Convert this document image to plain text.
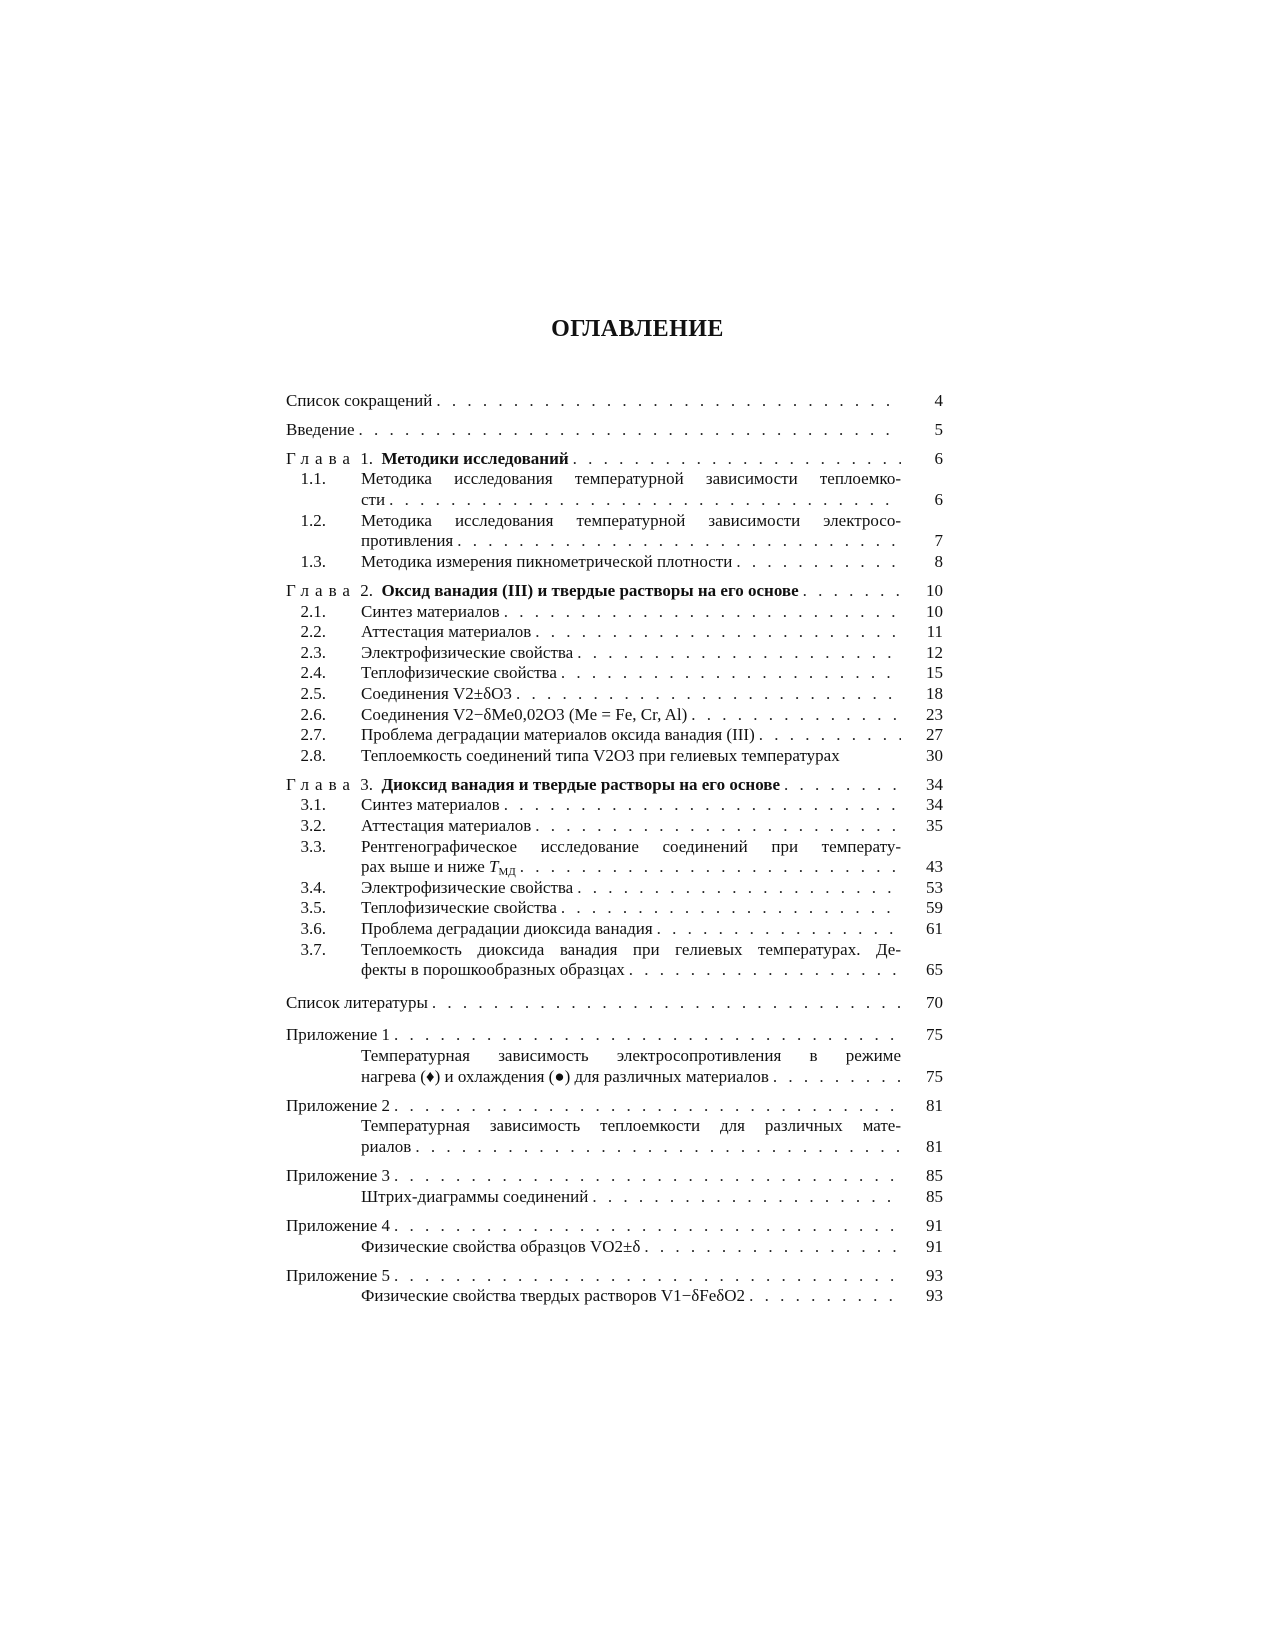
ОГЛАВЛЕНИЕ
Список сокращений . . .	4
Введение . . .	5
Глава 1. Методики исследований . . .	6
1.1. Методика исследования температурной зависимости теплоемко-
сти . . .	6
1.2. Методика исследования температурной зависимости электросо-
противления . . .	7
1.3. Методика измерения пикнометрической плотности . . .	8
Глава 2. Оксид ванадия (III) и твердые растворы на его основе . . .	10
2.1. Синтез материалов . . .	10
2.2. Аттестация материалов . . .	11
2.3. Электрофизические свойства . . .	12
2.4. Теплофизические свойства . . .	15
2.5. Соединения V2±δO3 . . .	18
2.6. Соединения V2−δMe0,02O3 (Me = Fe, Cr, Al) . . .	23
2.7. Проблема деградации материалов оксида ванадия (III) . . .	27
2.8. Теплоемкость соединений типа V2O3 при гелиевых температурах	30
Глава 3. Диоксид ванадия и твердые растворы на его основе . . .	34
3.1. Синтез материалов . . .	34
3.2. Аттестация материалов . . .	35
3.3. Рентгенографическое исследование соединений при температу-
рах выше и ниже $T_{МД}$ . . .	43
3.4. Электрофизические свойства . . .	53
3.5. Теплофизические свойства . . .	59
3.6. Проблема деградации диоксида ванадия . . .	61
3.7. Теплоемкость диоксида ванадия при гелиевых температурах. Де-
фекты в порошкообразных образцах . . .	65
Список литературы . . .	70
Приложение 1 . . .	75
Температурная зависимость электросопротивления в режиме
нагрева (♦) и охлаждения (●) для различных материалов . . .	75
Приложение 2 . . .	81
Температурная зависимость теплоемкости для различных мате-
риалов . . .	81
Приложение 3 . . .	85
Штрих-диаграммы соединений . . .	85
Приложение 4 . . .	91
Физические свойства образцов VO2±δ . . .	91
Приложение 5 . . .	93
Физические свойства твердых растворов V1−δFeδO2 . . .	93
